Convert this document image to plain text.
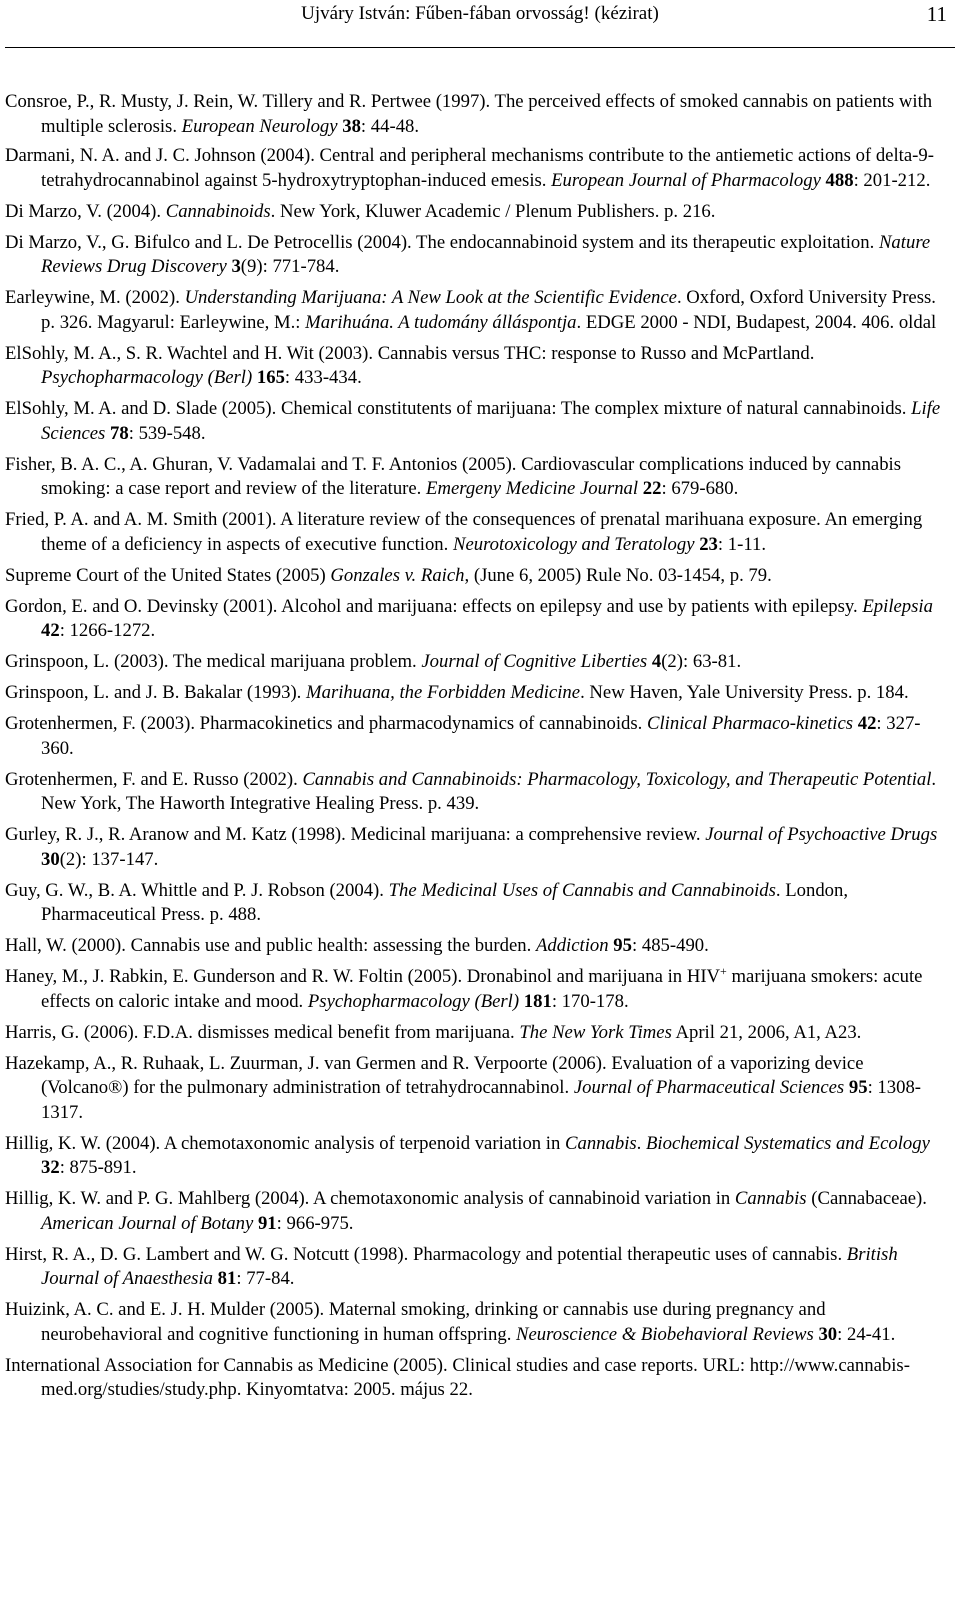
Ujváry István: Fűben-fában orvosság! (kézirat)	11
Consroe, P., R. Musty, J. Rein, W. Tillery and R. Pertwee (1997). The perceived effects of smoked cannabis on patients with multiple sclerosis. European Neurology 38: 44-48.
Darmani, N. A. and J. C. Johnson (2004). Central and peripheral mechanisms contribute to the antiemetic actions of delta-9-tetrahydrocannabinol against 5-hydroxytryptophan-induced emesis. European Journal of Pharmacology 488: 201-212.
Di Marzo, V. (2004). Cannabinoids. New York, Kluwer Academic / Plenum Publishers. p. 216.
Di Marzo, V., G. Bifulco and L. De Petrocellis (2004). The endocannabinoid system and its therapeutic exploitation. Nature Reviews Drug Discovery 3(9): 771-784.
Earleywine, M. (2002). Understanding Marijuana: A New Look at the Scientific Evidence. Oxford, Oxford University Press. p. 326. Magyarul: Earleywine, M.: Marihuána. A tudomány álláspontja. EDGE 2000 - NDI, Budapest, 2004. 406. oldal
ElSohly, M. A., S. R. Wachtel and H. Wit (2003). Cannabis versus THC: response to Russo and McPartland. Psychopharmacology (Berl) 165: 433-434.
ElSohly, M. A. and D. Slade (2005). Chemical constitutents of marijuana: The complex mixture of natural cannabinoids. Life Sciences 78: 539-548.
Fisher, B. A. C., A. Ghuran, V. Vadamalai and T. F. Antonios (2005). Cardiovascular complications induced by cannabis smoking: a case report and review of the literature. Emergeny Medicine Journal 22: 679-680.
Fried, P. A. and A. M. Smith (2001). A literature review of the consequences of prenatal marihuana exposure. An emerging theme of a deficiency in aspects of executive function. Neurotoxicology and Teratology 23: 1-11.
Supreme Court of the United States (2005) Gonzales v. Raich, (June 6, 2005) Rule No. 03-1454, p. 79.
Gordon, E. and O. Devinsky (2001). Alcohol and marijuana: effects on epilepsy and use by patients with epilepsy. Epilepsia 42: 1266-1272.
Grinspoon, L. (2003). The medical marijuana problem. Journal of Cognitive Liberties 4(2): 63-81.
Grinspoon, L. and J. B. Bakalar (1993). Marihuana, the Forbidden Medicine. New Haven, Yale University Press. p. 184.
Grotenhermen, F. (2003). Pharmacokinetics and pharmacodynamics of cannabinoids. Clinical Pharmaco-kinetics 42: 327-360.
Grotenhermen, F. and E. Russo (2002). Cannabis and Cannabinoids: Pharmacology, Toxicology, and Therapeutic Potential. New York, The Haworth Integrative Healing Press. p. 439.
Gurley, R. J., R. Aranow and M. Katz (1998). Medicinal marijuana: a comprehensive review. Journal of Psychoactive Drugs 30(2): 137-147.
Guy, G. W., B. A. Whittle and P. J. Robson (2004). The Medicinal Uses of Cannabis and Cannabinoids. London, Pharmaceutical Press. p. 488.
Hall, W. (2000). Cannabis use and public health: assessing the burden. Addiction 95: 485-490.
Haney, M., J. Rabkin, E. Gunderson and R. W. Foltin (2005). Dronabinol and marijuana in HIV+ marijuana smokers: acute effects on caloric intake and mood. Psychopharmacology (Berl) 181: 170-178.
Harris, G. (2006). F.D.A. dismisses medical benefit from marijuana. The New York Times April 21, 2006, A1, A23.
Hazekamp, A., R. Ruhaak, L. Zuurman, J. van Germen and R. Verpoorte (2006). Evaluation of a vaporizing device (Volcano®) for the pulmonary administration of tetrahydrocannabinol. Journal of Pharmaceutical Sciences 95: 1308-1317.
Hillig, K. W. (2004). A chemotaxonomic analysis of terpenoid variation in Cannabis. Biochemical Systematics and Ecology 32: 875-891.
Hillig, K. W. and P. G. Mahlberg (2004). A chemotaxonomic analysis of cannabinoid variation in Cannabis (Cannabaceae). American Journal of Botany 91: 966-975.
Hirst, R. A., D. G. Lambert and W. G. Notcutt (1998). Pharmacology and potential therapeutic uses of cannabis. British Journal of Anaesthesia 81: 77-84.
Huizink, A. C. and E. J. H. Mulder (2005). Maternal smoking, drinking or cannabis use during pregnancy and neurobehavioral and cognitive functioning in human offspring. Neuroscience & Biobehavioral Reviews 30: 24-41.
International Association for Cannabis as Medicine (2005). Clinical studies and case reports. URL: http://www.cannabis-med.org/studies/study.php. Kinyomtatva: 2005. május 22.
